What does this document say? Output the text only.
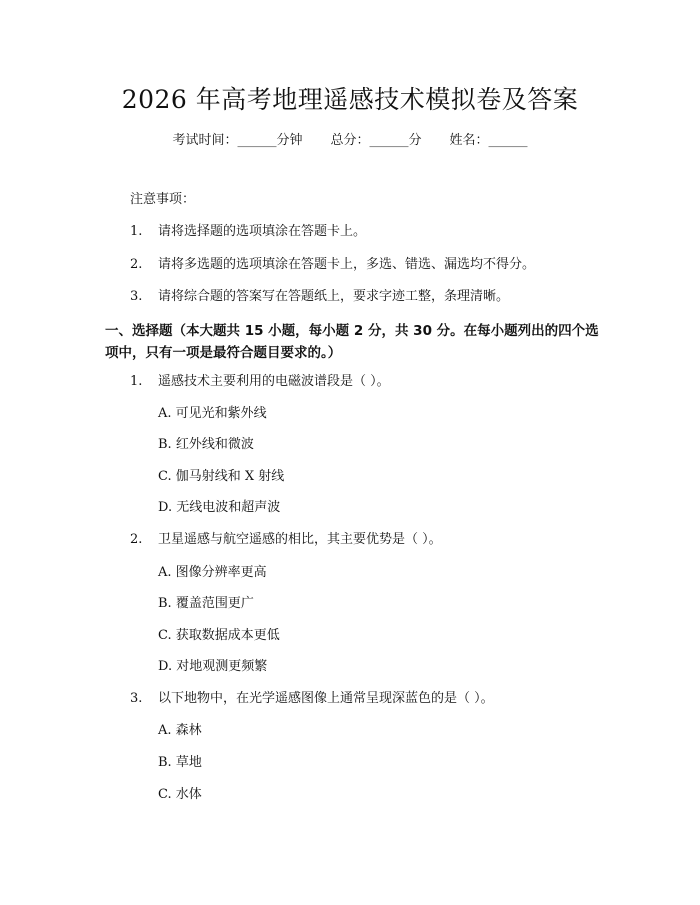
2026 年高考地理遥感技术模拟卷及答案
考试时间：______分钟 总分：______分 姓名：______
注意事项：
1. 请将选择题的选项填涂在答题卡上。
2. 请将多选题的选项填涂在答题卡上，多选、错选、漏选均不得分。
3. 请将综合题的答案写在答题纸上，要求字迹工整，条理清晰。
一、选择题（本大题共 15 小题，每小题 2 分，共 30 分。在每小题列出的四个选项中，只有一项是最符合题目要求的。）
1. 遥感技术主要利用的电磁波谱段是（ ）。
A. 可见光和紫外线
B. 红外线和微波
C. 伽马射线和 X 射线
D. 无线电波和超声波
2. 卫星遥感与航空遥感的相比，其主要优势是（ ）。
A. 图像分辨率更高
B. 覆盖范围更广
C. 获取数据成本更低
D. 对地观测更频繁
3. 以下地物中，在光学遥感图像上通常呈现深蓝色的是（ ）。
A. 森林
B. 草地
C. 水体
